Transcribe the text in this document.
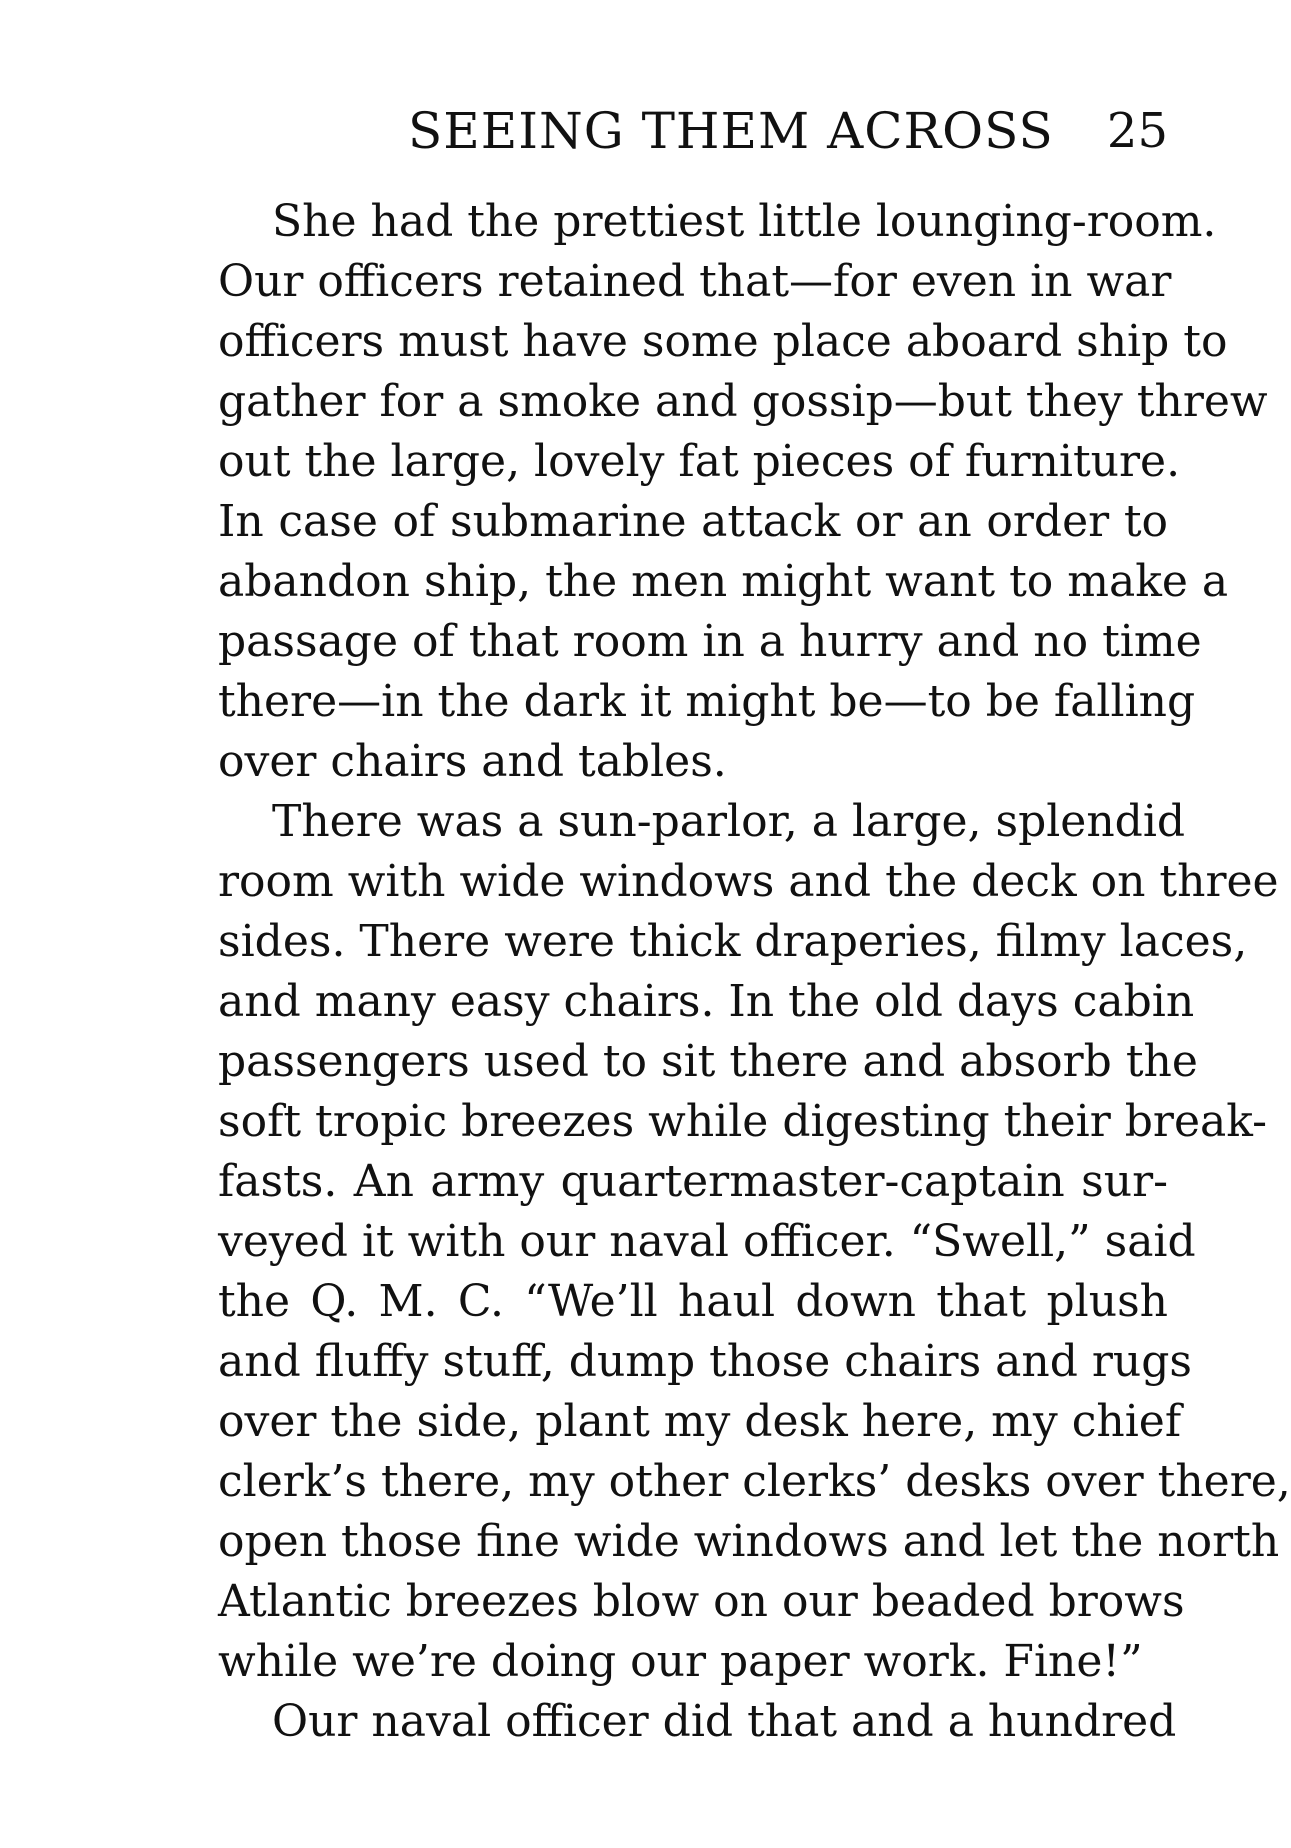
SEEING THEM ACROSS 25
She had the prettiest little lounging-room.
Our officers retained that—for even in war
officers must have some place aboard ship to
gather for a smoke and gossip—but they threw
out the large, lovely fat pieces of furniture.
In case of submarine attack or an order to
abandon ship, the men might want to make a
passage of that room in a hurry and no time
there—in the dark it might be—to be falling
over chairs and tables.
There was a sun-parlor, a large, splendid
room with wide windows and the deck on three
sides. There were thick draperies, filmy laces,
and many easy chairs. In the old days cabin
passengers used to sit there and absorb the
soft tropic breezes while digesting their break-
fasts. An army quartermaster-captain sur-
veyed it with our naval officer. “Swell,” said
the Q. M. C. “We’ll haul down that plush
and fluffy stuff, dump those chairs and rugs
over the side, plant my desk here, my chief
clerk’s there, my other clerks’ desks over there,
open those fine wide windows and let the north
Atlantic breezes blow on our beaded brows
while we’re doing our paper work. Fine!”
Our naval officer did that and a hundred
